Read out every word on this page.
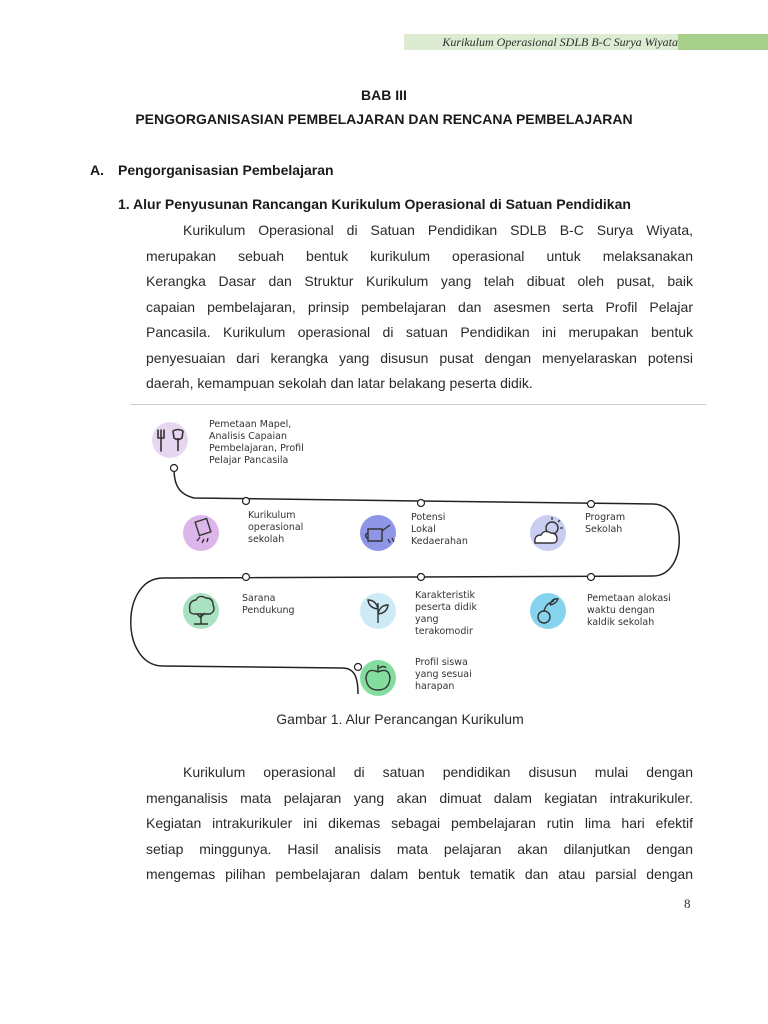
Kurikulum Operasional SDLB B-C Surya Wiyata
BAB III
PENGORGANISASIAN PEMBELAJARAN DAN RENCANA PEMBELAJARAN
A. Pengorganisasian Pembelajaran
1. Alur Penyusunan Rancangan Kurikulum Operasional di Satuan Pendidikan
Kurikulum Operasional di Satuan Pendidikan SDLB B-C Surya Wiyata,
merupakan sebuah bentuk kurikulum operasional untuk melaksanakan
Kerangka Dasar dan Struktur Kurikulum yang telah dibuat oleh pusat, baik
capaian pembelajaran, prinsip pembelajaran dan asesmen serta Profil Pelajar
Pancasila. Kurikulum operasional di satuan Pendidikan ini merupakan bentuk
penyesuaian dari kerangka yang disusun pusat dengan menyelaraskan potensi
daerah, kemampuan sekolah dan latar belakang peserta didik.
Pemetaan Mapel, Analisis Capaian Pembelajaran, Profil Pelajar Pancasila
Kurikulum operasional sekolah
Potensi Lokal Kedaerahan
Program Sekolah
Pemetaan alokasi waktu dengan kaldik sekolah
Karakteristik peserta didik yang terakomodir
Sarana Pendukung
Profil siswa yang sesuai harapan
Gambar 1. Alur Perancangan Kurikulum
Kurikulum operasional di satuan pendidikan disusun mulai dengan
menganalisis mata pelajaran yang akan dimuat dalam kegiatan intrakurikuler.
Kegiatan intrakurikuler ini dikemas sebagai pembelajaran rutin lima hari efektif
setiap minggunya. Hasil analisis mata pelajaran akan dilanjutkan dengan
mengemas pilihan pembelajaran dalam bentuk tematik dan atau parsial dengan
8
